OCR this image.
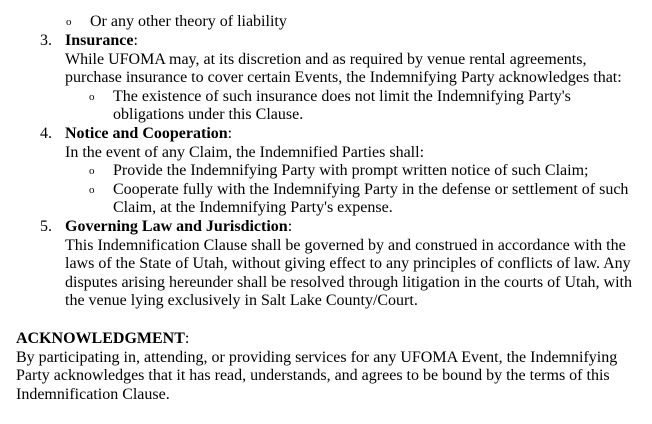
o Or any other theory of liability
3. Insurance:
While UFOMA may, at its discretion and as required by venue rental agreements, purchase insurance to cover certain Events, the Indemnifying Party acknowledges that:
o The existence of such insurance does not limit the Indemnifying Party's obligations under this Clause.
4. Notice and Cooperation:
In the event of any Claim, the Indemnified Parties shall:
o Provide the Indemnifying Party with prompt written notice of such Claim;
o Cooperate fully with the Indemnifying Party in the defense or settlement of such Claim, at the Indemnifying Party's expense.
5. Governing Law and Jurisdiction:
This Indemnification Clause shall be governed by and construed in accordance with the laws of the State of Utah, without giving effect to any principles of conflicts of law. Any disputes arising hereunder shall be resolved through litigation in the courts of Utah, with the venue lying exclusively in Salt Lake County/Court.
ACKNOWLEDGMENT:
By participating in, attending, or providing services for any UFOMA Event, the Indemnifying Party acknowledges that it has read, understands, and agrees to be bound by the terms of this Indemnification Clause.
